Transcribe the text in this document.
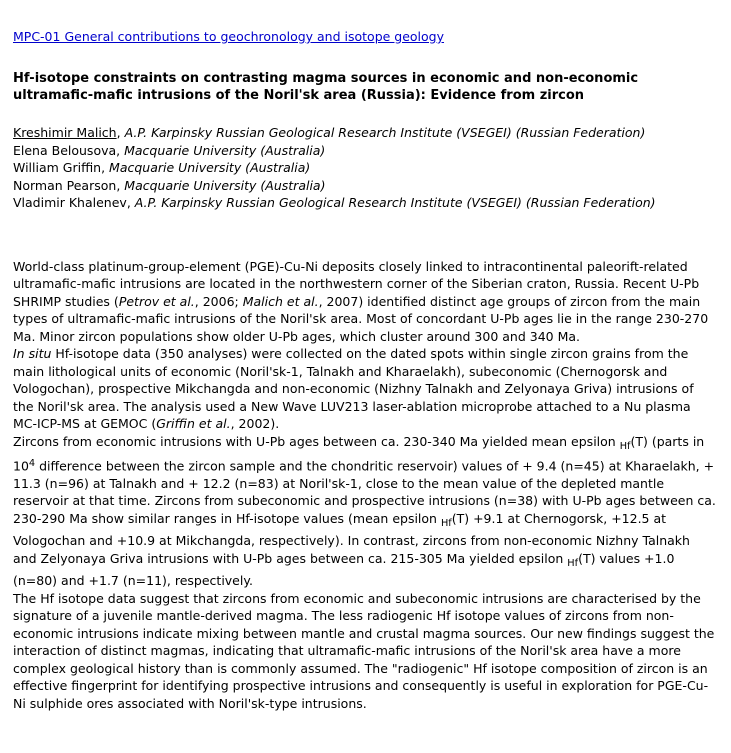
MPC-01 General contributions to geochronology and isotope geology
Hf-isotope constraints on contrasting magma sources in economic and non-economic ultramafic-mafic intrusions of the Noril'sk area (Russia): Evidence from zircon
Kreshimir Malich, A.P. Karpinsky Russian Geological Research Institute (VSEGEI) (Russian Federation)
Elena Belousova, Macquarie University (Australia)
William Griffin, Macquarie University (Australia)
Norman Pearson, Macquarie University (Australia)
Vladimir Khalenev, A.P. Karpinsky Russian Geological Research Institute (VSEGEI) (Russian Federation)
World-class platinum-group-element (PGE)-Cu-Ni deposits closely linked to intracontinental paleorift-related ultramafic-mafic intrusions are located in the northwestern corner of the Siberian craton, Russia. Recent U-Pb SHRIMP studies (Petrov et al., 2006; Malich et al., 2007) identified distinct age groups of zircon from the main types of ultramafic-mafic intrusions of the Noril'sk area. Most of concordant U-Pb ages lie in the range 230-270 Ma. Minor zircon populations show older U-Pb ages, which cluster around 300 and 340 Ma.
In situ Hf-isotope data (350 analyses) were collected on the dated spots within single zircon grains from the main lithological units of economic (Noril'sk-1, Talnakh and Kharaelakh), subeconomic (Chernogorsk and Vologochan), prospective Mikchangda and non-economic (Nizhny Talnakh and Zelyonaya Griva) intrusions of the Noril'sk area. The analysis used a New Wave LUV213 laser-ablation microprobe attached to a Nu plasma MC-ICP-MS at GEMOC (Griffin et al., 2002).
Zircons from economic intrusions with U-Pb ages between ca. 230-340 Ma yielded mean epsilon $_{Hf}$(T) (parts in $10^4$ difference between the zircon sample and the chondritic reservoir) values of + 9.4 (n=45) at Kharaelakh, + 11.3 (n=96) at Talnakh and + 12.2 (n=83) at Noril'sk-1, close to the mean value of the depleted mantle reservoir at that time. Zircons from subeconomic and prospective intrusions (n=38) with U-Pb ages between ca. 230-290 Ma show similar ranges in Hf-isotope values (mean epsilon $_{Hf}$(T) +9.1 at Chernogorsk, +12.5 at Vologochan and +10.9 at Mikchangda, respectively). In contrast, zircons from non-economic Nizhny Talnakh and Zelyonaya Griva intrusions with U-Pb ages between ca. 215-305 Ma yielded epsilon $_{Hf}$(T) values +1.0 (n=80) and +1.7 (n=11), respectively.
The Hf isotope data suggest that zircons from economic and subeconomic intrusions are characterised by the signature of a juvenile mantle-derived magma. The less radiogenic Hf isotope values of zircons from non-economic intrusions indicate mixing between mantle and crustal magma sources. Our new findings suggest the interaction of distinct magmas, indicating that ultramafic-mafic intrusions of the Noril'sk area have a more complex geological history than is commonly assumed. The "radiogenic" Hf isotope composition of zircon is an effective fingerprint for identifying prospective intrusions and consequently is useful in exploration for PGE-Cu-Ni sulphide ores associated with Noril'sk-type intrusions.
